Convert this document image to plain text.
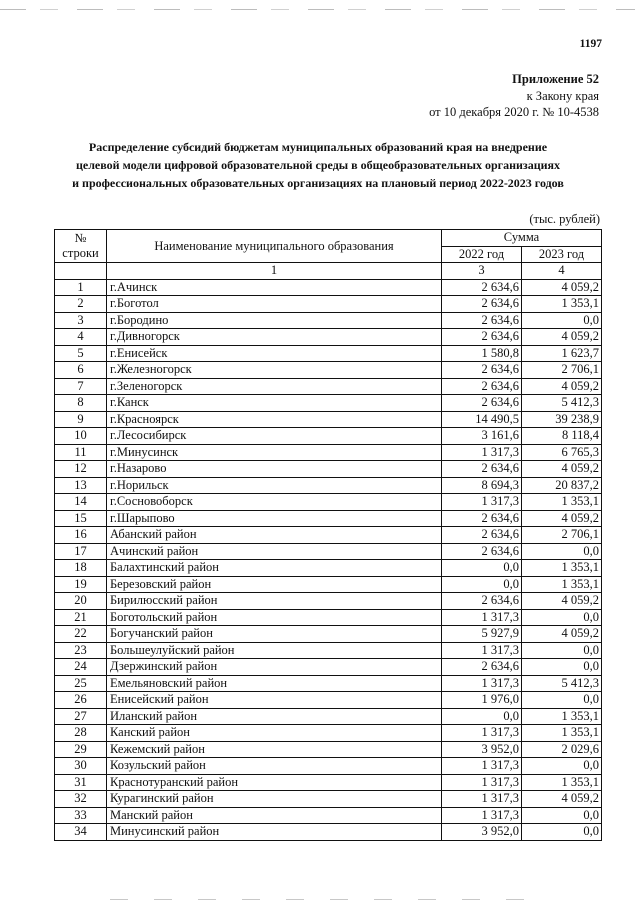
1197
Приложение 52
к Закону края
от 10 декабря 2020 г. № 10-4538
Распределение субсидий бюджетам муниципальных образований края на внедрение
целевой модели цифровой образовательной среды в общеобразовательных организациях
и профессиональных образовательных организациях на плановый период 2022-2023 годов
(тыс. рублей)
№
строки	Наименование муниципального образования	Сумма	
		2022 год	2023 год
	1	3	4
1	г.Ачинск	2 634,6	4 059,2
2	г.Боготол	2 634,6	1 353,1
3	г.Бородино	2 634,6	0,0
4	г.Дивногорск	2 634,6	4 059,2
5	г.Енисейск	1 580,8	1 623,7
6	г.Железногорск	2 634,6	2 706,1
7	г.Зеленогорск	2 634,6	4 059,2
8	г.Канск	2 634,6	5 412,3
9	г.Красноярск	14 490,5	39 238,9
10	г.Лесосибирск	3 161,6	8 118,4
11	г.Минусинск	1 317,3	6 765,3
12	г.Назарово	2 634,6	4 059,2
13	г.Норильск	8 694,3	20 837,2
14	г.Сосновоборск	1 317,3	1 353,1
15	г.Шарыпово	2 634,6	4 059,2
16	Абанский район	2 634,6	2 706,1
17	Ачинский район	2 634,6	0,0
18	Балахтинский район	0,0	1 353,1
19	Березовский район	0,0	1 353,1
20	Бирилюсский район	2 634,6	4 059,2
21	Боготольский район	1 317,3	0,0
22	Богучанский район	5 927,9	4 059,2
23	Большеулуйский район	1 317,3	0,0
24	Дзержинский район	2 634,6	0,0
25	Емельяновский район	1 317,3	5 412,3
26	Енисейский район	1 976,0	0,0
27	Иланский район	0,0	1 353,1
28	Канский район	1 317,3	1 353,1
29	Кежемский район	3 952,0	2 029,6
30	Козульский район	1 317,3	0,0
31	Краснотуранский район	1 317,3	1 353,1
32	Курагинский район	1 317,3	4 059,2
33	Манский район	1 317,3	0,0
34	Минусинский район	3 952,0	0,0
